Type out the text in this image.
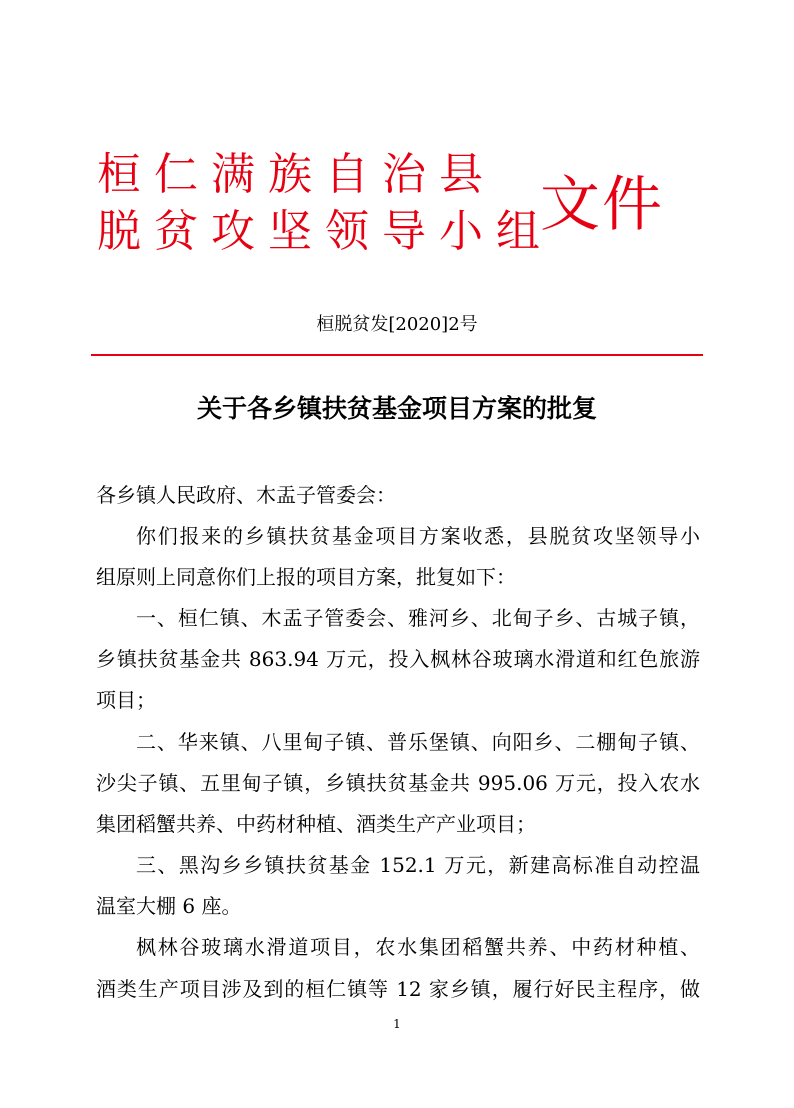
桓仁满族自治县
脱贫攻坚领导小组
文件
桓脱贫发[2020]2号
关于各乡镇扶贫基金项目方案的批复
各乡镇人民政府、木盂子管委会：
你们报来的乡镇扶贫基金项目方案收悉，县脱贫攻坚领导小
组原则上同意你们上报的项目方案，批复如下：
一、桓仁镇、木盂子管委会、雅河乡、北甸子乡、古城子镇，
乡镇扶贫基金共 863.94 万元，投入枫林谷玻璃水滑道和红色旅游
项目；
二、华来镇、八里甸子镇、普乐堡镇、向阳乡、二棚甸子镇、
沙尖子镇、五里甸子镇，乡镇扶贫基金共 995.06 万元，投入农水
集团稻蟹共养、中药材种植、酒类生产产业项目；
三、黑沟乡乡镇扶贫基金 152.1 万元，新建高标准自动控温
温室大棚 6 座。
枫林谷玻璃水滑道项目，农水集团稻蟹共养、中药材种植、
酒类生产项目涉及到的桓仁镇等 12 家乡镇，履行好民主程序，做
1
